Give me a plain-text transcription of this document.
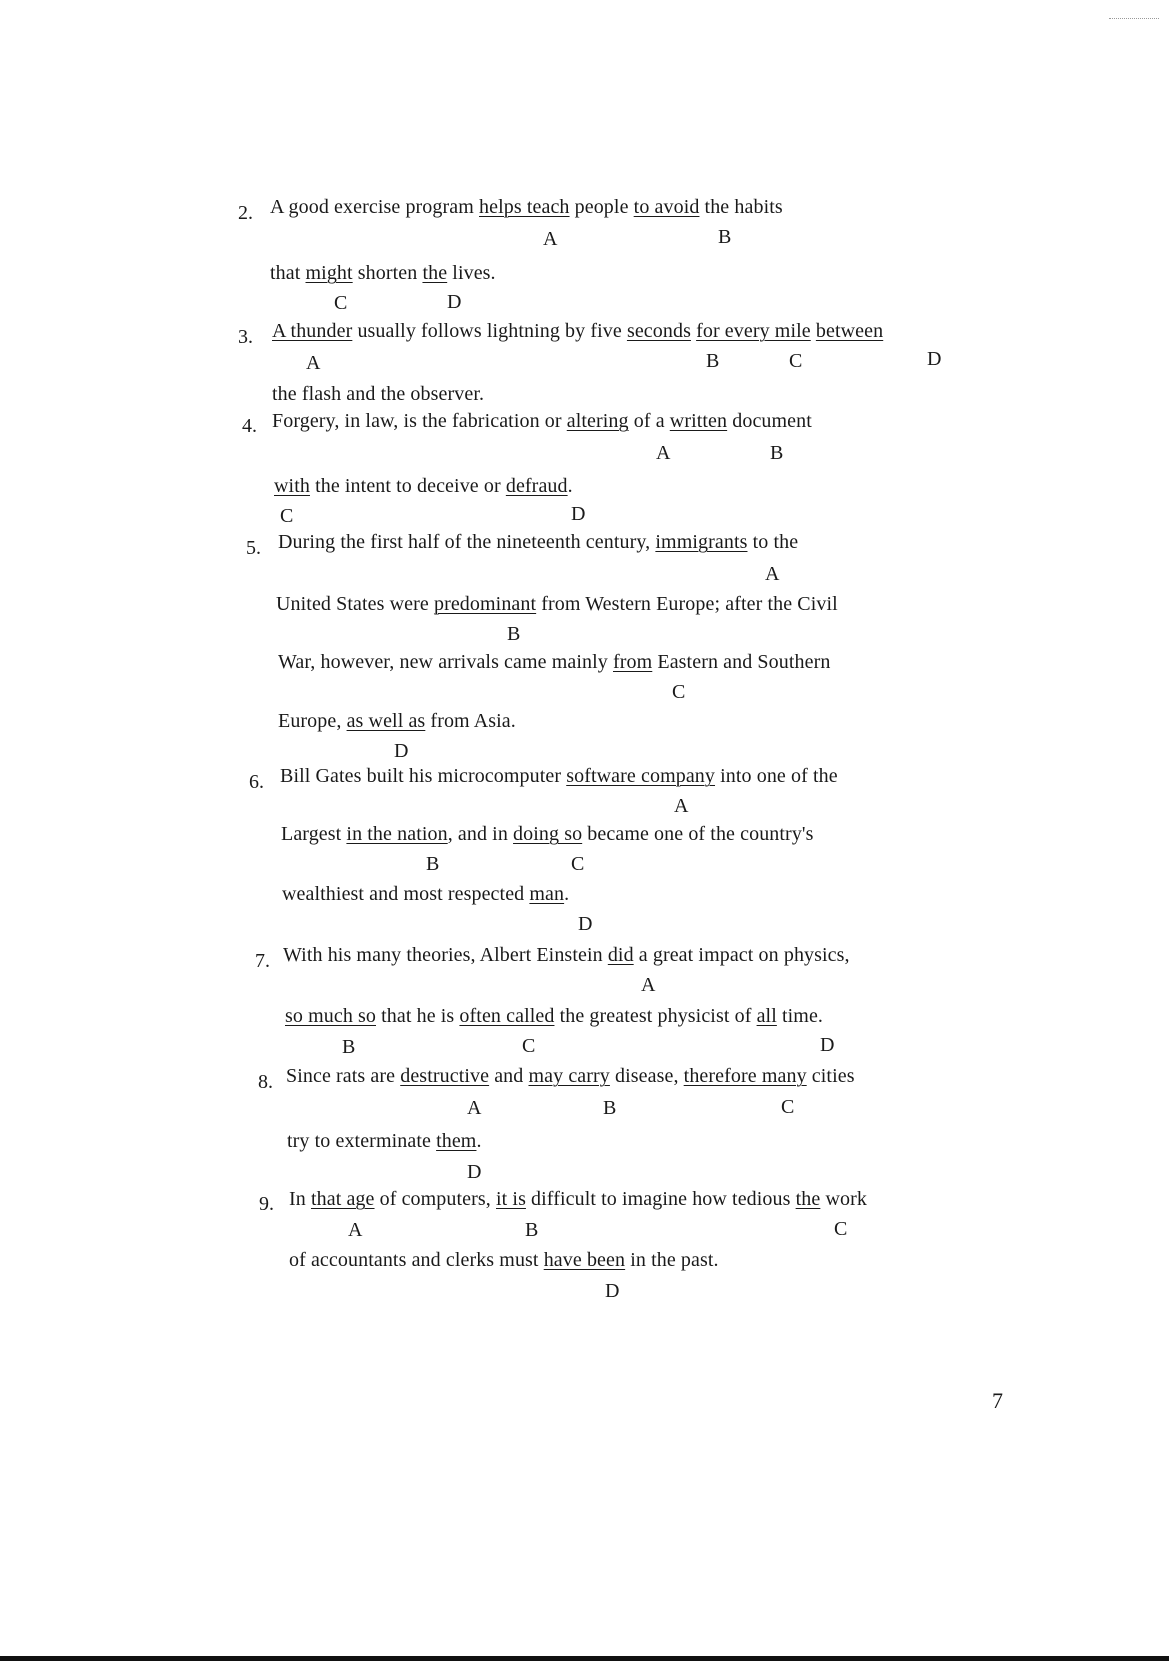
2. A good exercise program helps teach people to avoid the habits
A	B
that might shorten the lives.
C	D
3. A thunder usually follows lightning by five seconds for every mile between
A	B	C	D
the flash and the observer.
4. Forgery, in law, is the fabrication or altering of a written document
A	B
with the intent to deceive or defraud.
C	D
5. During the first half of the nineteenth century, immigrants to the
A
United States were predominant from Western Europe; after the Civil
B
War, however, new arrivals came mainly from Eastern and Southern
C
Europe, as well as from Asia.
D
6. Bill Gates built his microcomputer software company into one of the
A
Largest in the nation, and in doing so became one of the country's
B	C
wealthiest and most respected man.
D
7. With his many theories, Albert Einstein did a great impact on physics,
A
so much so that he is often called the greatest physicist of all time.
B	C	D
8. Since rats are destructive and may carry disease, therefore many cities
A	B	C
try to exterminate them.
D
9. In that age of computers, it is difficult to imagine how tedious the work
A	B	C
of accountants and clerks must have been in the past.
D
7
